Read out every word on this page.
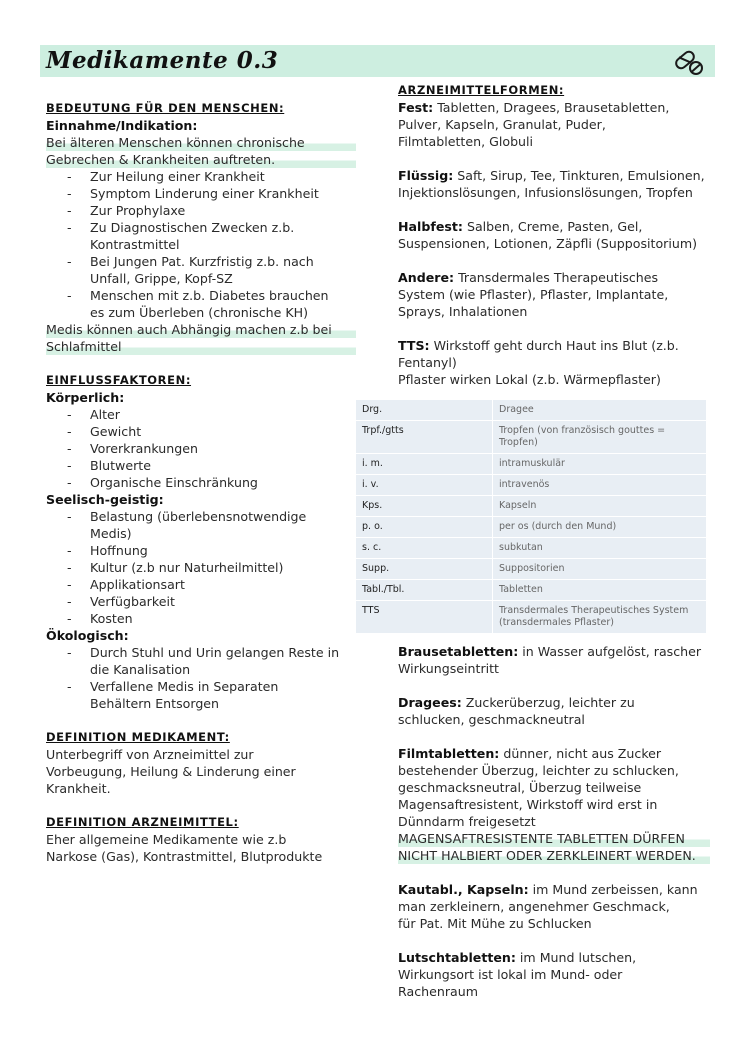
Medikamente 0.3
BEDEUTUNG FÜR DEN MENSCHEN:
Einnahme/Indikation:
Bei älteren Menschen können chronische
Gebrechen & Krankheiten auftreten.
- Zur Heilung einer Krankheit
- Symptom Linderung einer Krankheit
- Zur Prophylaxe
- Zu Diagnostischen Zwecken z.b.
Kontrastmittel
- Bei Jungen Pat. Kurzfristig z.b. nach
Unfall, Grippe, Kopf-SZ
- Menschen mit z.b. Diabetes brauchen
es zum Überleben (chronische KH)
Medis können auch Abhängig machen z.b bei
Schlafmittel
EINFLUSSFAKTOREN:
Körperlich:
- Alter
- Gewicht
- Vorerkrankungen
- Blutwerte
- Organische Einschränkung
Seelisch-geistig:
- Belastung (überlebensnotwendige
Medis)
- Hoffnung
- Kultur (z.b nur Naturheilmittel)
- Applikationsart
- Verfügbarkeit
- Kosten
Ökologisch:
- Durch Stuhl und Urin gelangen Reste in
die Kanalisation
- Verfallene Medis in Separaten
Behältern Entsorgen
DEFINITION MEDIKAMENT:
Unterbegriff von Arzneimittel zur
Vorbeugung, Heilung & Linderung einer
Krankheit.
DEFINITION ARZNEIMITTEL:
Eher allgemeine Medikamente wie z.b
Narkose (Gas), Kontrastmittel, Blutprodukte
ARZNEIMITTELFORMEN:
Fest: Tabletten, Dragees, Brausetabletten,
Pulver, Kapseln, Granulat, Puder,
Filmtabletten, Globuli
Flüssig: Saft, Sirup, Tee, Tinkturen, Emulsionen,
Injektionslösungen, Infusionslösungen, Tropfen
Halbfest: Salben, Creme, Pasten, Gel,
Suspensionen, Lotionen, Zäpfli (Suppositorium)
Andere: Transdermales Therapeutisches
System (wie Pflaster), Pflaster, Implantate,
Sprays, Inhalationen
TTS: Wirkstoff geht durch Haut ins Blut (z.b.
Fentanyl)
Pflaster wirken Lokal (z.b. Wärmepflaster)
Drg.	Dragee
Trpf./gtts	Tropfen (von französisch gouttes = Tropfen)
i. m.	intramuskulär
i. v.	intravenös
Kps.	Kapseln
p. o.	per os (durch den Mund)
s. c.	subkutan
Supp.	Suppositorien
Tabl./Tbl.	Tabletten
TTS	Transdermales Therapeutisches System (transdermales Pflaster)
Brausetabletten: in Wasser aufgelöst, rascher
Wirkungseintritt
Dragees: Zuckerüberzug, leichter zu
schlucken, geschmackneutral
Filmtabletten: dünner, nicht aus Zucker
bestehender Überzug, leichter zu schlucken,
geschmacksneutral, Überzug teilweise
Magensaftresistent, Wirkstoff wird erst in
Dünndarm freigesetzt
MAGENSAFTRESISTENTE TABLETTEN DÜRFEN
NICHT HALBIERT ODER ZERKLEINERT WERDEN.
Kautabl., Kapseln: im Mund zerbeissen, kann
man zerkleinern, angenehmer Geschmack,
für Pat. Mit Mühe zu Schlucken
Lutschtabletten: im Mund lutschen,
Wirkungsort ist lokal im Mund- oder
Rachenraum
